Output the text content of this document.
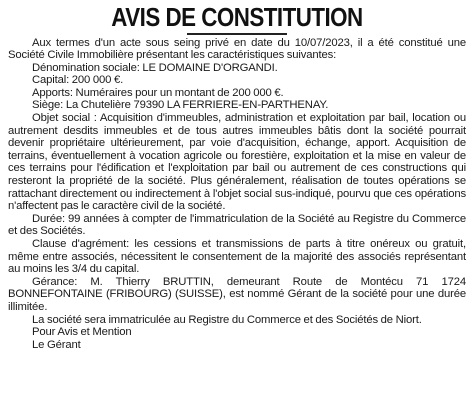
AVIS DE CONSTITUTION

Aux termes d'un acte sous seing privé en date du 10/07/2023, il a été constitué une Société Civile Immobilière présentant les caractéristiques suivantes:

Dénomination sociale: LE DOMAINE D'ORGANDI.

Capital: 200 000 €.

Apports: Numéraires pour un montant de 200 000 €.

Siège: La Chutelière 79390 LA FERRIERE-EN-PARTHENAY.

Objet social : Acquisition d'immeubles, administration et exploitation par bail, location ou autrement desdits immeubles et de tous autres immeubles bâtis dont la société pourrait devenir propriétaire ultérieurement, par voie d'acquisition, échange, apport. Acquisition de terrains, éventuellement à vocation agricole ou forestière, exploitation et la mise en valeur de ces terrains pour l'édification et l'exploitation par bail ou autrement de ces constructions qui resteront la propriété de la société. Plus généralement, réalisation de toutes opérations se rattachant directement ou indirectement à l'objet social sus-indiqué, pourvu que ces opérations n'affectent pas le caractère civil de la société.

Durée: 99 années à compter de l'immatriculation de la Société au Registre du Commerce et des Sociétés.

Clause d'agrément: les cessions et transmissions de parts à titre onéreux ou gratuit, même entre associés, nécessitent le consentement de la majorité des associés représentant au moins les 3/4 du capital.

Gérance: M. Thierry BRUTTIN, demeurant Route de Montécu 71 1724 BONNEFONTAINE (FRIBOURG) (SUISSE), est nommé Gérant de la société pour une durée illimitée.

La société sera immatriculée au Registre du Commerce et des Sociétés de Niort.

Pour Avis et Mention

Le Gérant
